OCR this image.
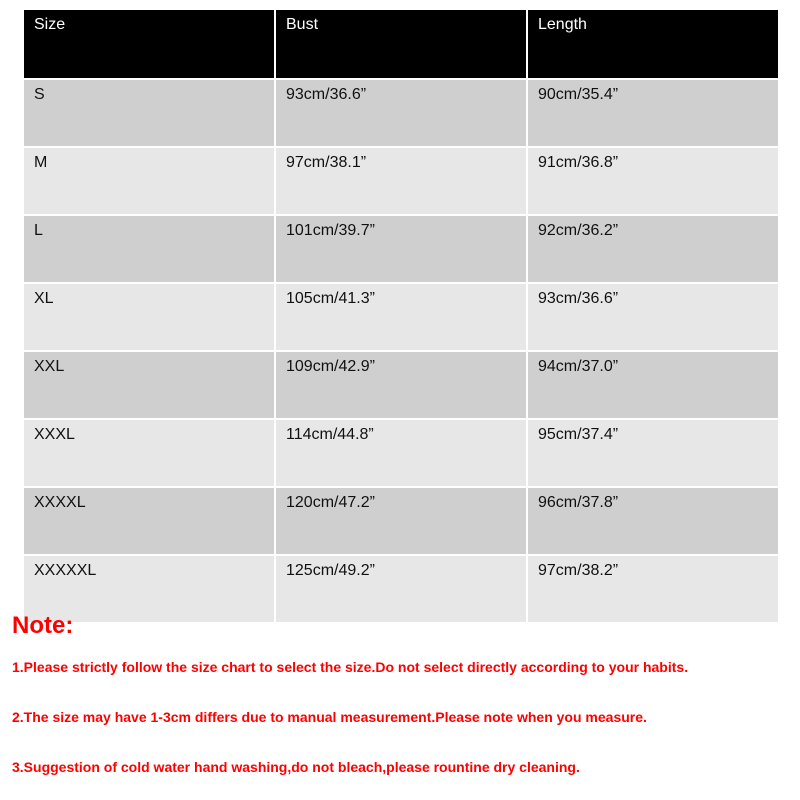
Size	Bust	Length
S	93cm/36.6”	90cm/35.4”
M	97cm/38.1”	91cm/36.8”
L	101cm/39.7”	92cm/36.2”
XL	105cm/41.3”	93cm/36.6”
XXL	109cm/42.9”	94cm/37.0”
XXXL	114cm/44.8”	95cm/37.4”
XXXXL	120cm/47.2”	96cm/37.8”
XXXXXL	125cm/49.2”	97cm/38.2”
Note:

1.Please strictly follow the size chart to select the size.Do not select directly according to your habits.

2.The size may have 1-3cm differs due to manual measurement.Please note when you measure.

3.Suggestion of cold water hand washing,do not bleach,please rountine dry cleaning.
